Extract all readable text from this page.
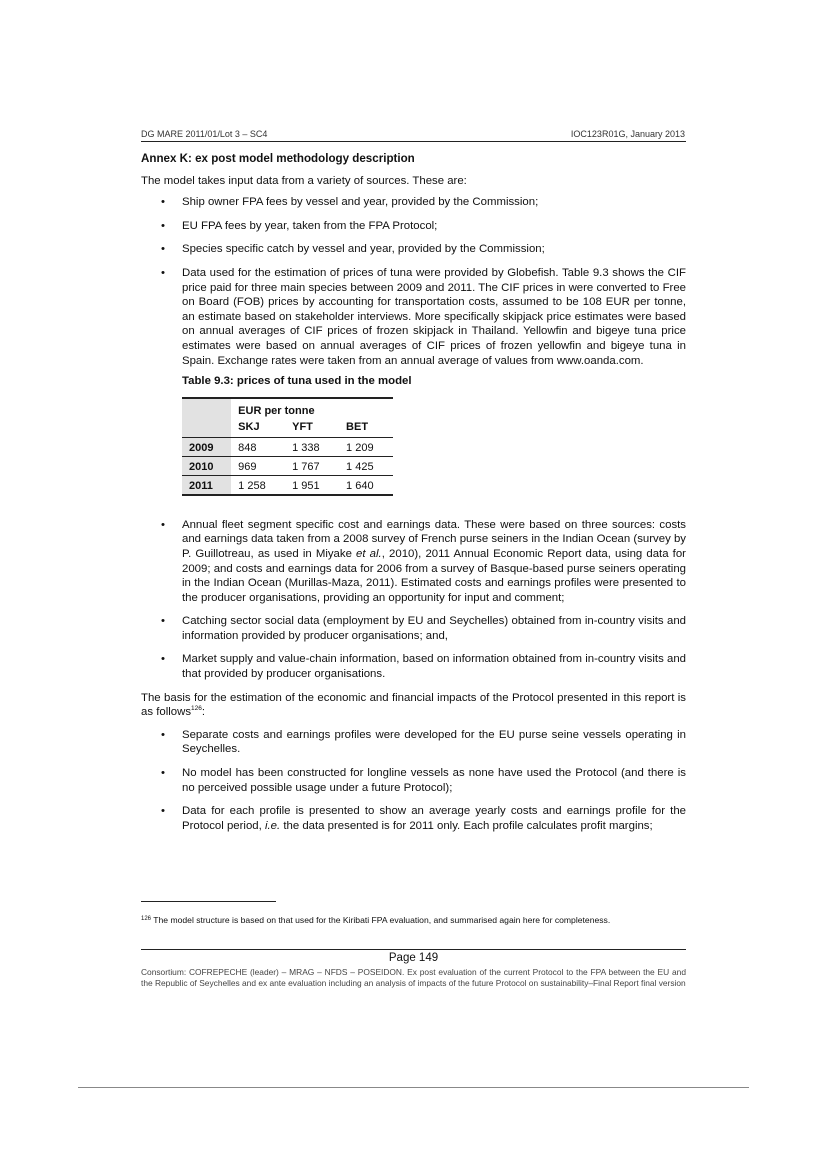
DG MARE 2011/01/Lot 3 – SC4	IOC123R01G, January 2013

Annex K: ex post model methodology description

The model takes input data from a variety of sources. These are:

• Ship owner FPA fees by vessel and year, provided by the Commission;
• EU FPA fees by year, taken from the FPA Protocol;
• Species specific catch by vessel and year, provided by the Commission;
• Data used for the estimation of prices of tuna were provided by Globefish. Table 9.3 shows the CIF price paid for three main species between 2009 and 2011. The CIF prices in were converted to Free on Board (FOB) prices by accounting for transportation costs, assumed to be 108 EUR per tonne, an estimate based on stakeholder interviews. More specifically skipjack price estimates were based on annual averages of CIF prices of frozen skipjack in Thailand. Yellowfin and bigeye tuna price estimates were based on annual averages of CIF prices of frozen yellowfin and bigeye tuna in Spain. Exchange rates were taken from an annual average of values from www.oanda.com.

Table 9.3: prices of tuna used in the model

	EUR per tonne		
	SKJ	YFT	BET
2009	848	1 338	1 209
2010	969	1 767	1 425
2011	1 258	1 951	1 640
• Annual fleet segment specific cost and earnings data. These were based on three sources: costs and earnings data taken from a 2008 survey of French purse seiners in the Indian Ocean (survey by P. Guillotreau, as used in Miyake et al., 2010), 2011 Annual Economic Report data, using data for 2009; and costs and earnings data for 2006 from a survey of Basque-based purse seiners operating in the Indian Ocean (Murillas-Maza, 2011). Estimated costs and earnings profiles were presented to the producer organisations, providing an opportunity for input and comment;
• Catching sector social data (employment by EU and Seychelles) obtained from in-country visits and information provided by producer organisations; and,
• Market supply and value-chain information, based on information obtained from in-country visits and that provided by producer organisations.

The basis for the estimation of the economic and financial impacts of the Protocol presented in this report is as follows$^{126}$:

• Separate costs and earnings profiles were developed for the EU purse seine vessels operating in Seychelles.
• No model has been constructed for longline vessels as none have used the Protocol (and there is no perceived possible usage under a future Protocol);
• Data for each profile is presented to show an average yearly costs and earnings profile for the Protocol period, i.e. the data presented is for 2011 only. Each profile calculates profit margins;
$^{126}$ The model structure is based on that used for the Kiribati FPA evaluation, and summarised again here for completeness.
Page 149
Consortium: COFREPECHE (leader) – MRAG – NFDS – POSEIDON. Ex post evaluation of the current Protocol to the FPA between the EU and the Republic of Seychelles and ex ante evaluation including an analysis of impacts of the future Protocol on sustainability–Final Report final version
